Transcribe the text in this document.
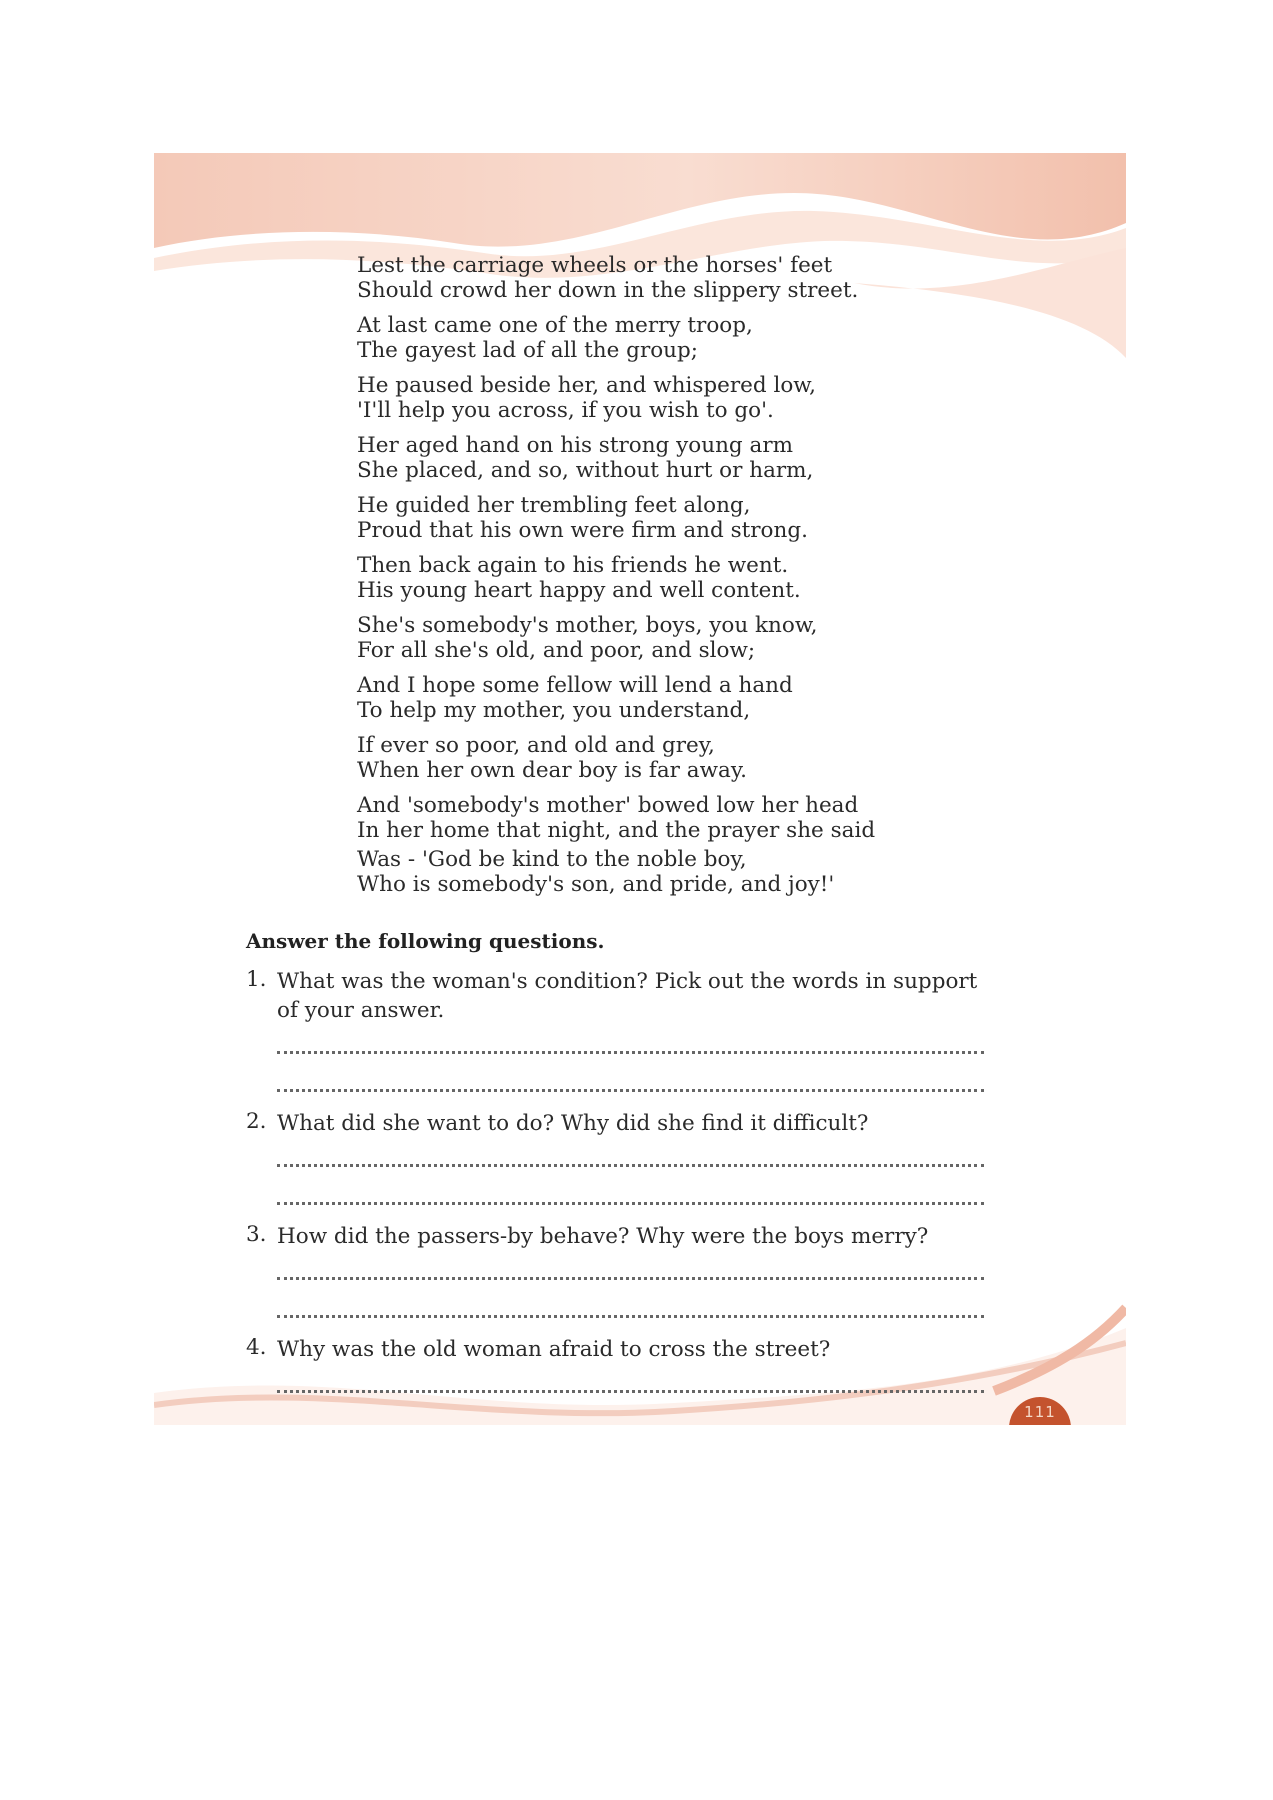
Lest the carriage wheels or the horses' feet
Should crowd her down in the slippery street.
At last came one of the merry troop,
The gayest lad of all the group;
He paused beside her, and whispered low,
'I'll help you across, if you wish to go'.
Her aged hand on his strong young arm
She placed, and so, without hurt or harm,
He guided her trembling feet along,
Proud that his own were firm and strong.
Then back again to his friends he went.
His young heart happy and well content.
She's somebody's mother, boys, you know,
For all she's old, and poor, and slow;
And I hope some fellow will lend a hand
To help my mother, you understand,
If ever so poor, and old and grey,
When her own dear boy is far away.
And 'somebody's mother' bowed low her head
In her home that night, and the prayer she said
Was - 'God be kind to the noble boy,
Who is somebody's son, and pride, and joy!'
Answer the following questions.
1. What was the woman's condition? Pick out the words in support of your answer.
2. What did she want to do? Why did she find it difficult?
3. How did the passers-by behave? Why were the boys merry?
4. Why was the old woman afraid to cross the street?
111
